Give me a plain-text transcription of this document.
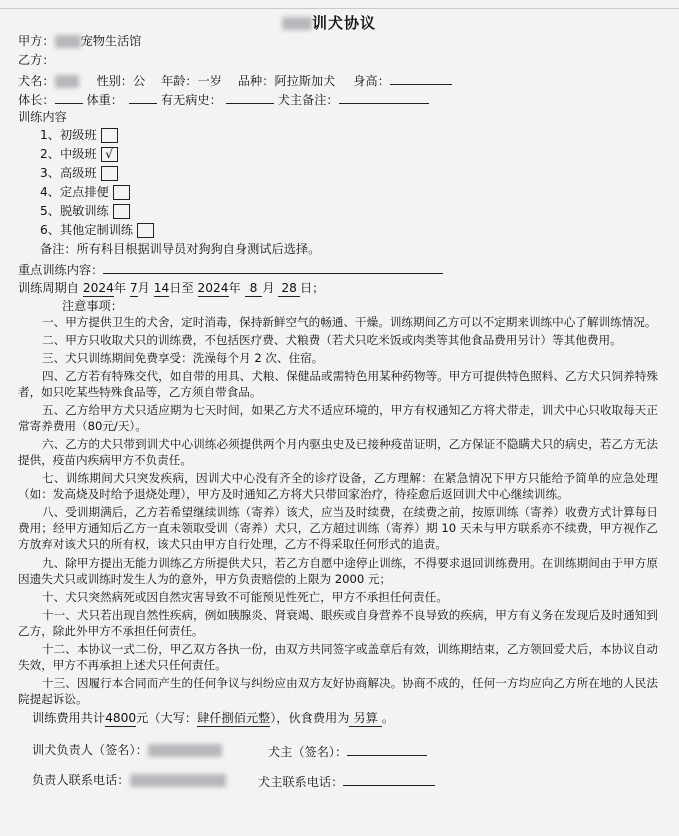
训犬协议
甲方： 宠物生活馆
乙方：
犬名：	性别：公 年龄：一岁 品种：阿拉斯加犬 身高：
体长：	体重：	有无病史：	犬主备注：
训练内容
1、初级班
2、中级班 √
3、高级班
4、定点排便
5、脱敏训练
6、其他定制训练
备注：所有科目根据训导员对狗狗自身测试后选择。
重点训练内容：
训练周期自 2024年 7月 14日至 2024年 8 月 28 日；
注意事项：
一、甲方提供卫生的犬舍，定时消毒，保持新鲜空气的畅通、干燥。训练期间乙方可以不定期来训练中心了解训练情况。
二、甲方只收取犬只的训练费，不包括医疗费、犬粮费（若犬只吃米饭或肉类等其他食品费用另计）等其他费用。
三、犬只训练期间免费享受：洗澡每个月 2 次、住宿。
四、乙方若有特殊交代，如自带的用具、犬粮、保健品或需特色用某种药物等。甲方可提供特色照料、乙方犬只饲养特殊者，如只吃某些特殊食品等，乙方须自带食品。
五、乙方给甲方犬只适应期为七天时间，如果乙方犬不适应环境的，甲方有权通知乙方将犬带走，训犬中心只收取每天正常寄养费用（80元/天）。
六、乙方的犬只带到训犬中心训练必须提供两个月内驱虫史及已接种疫苗证明，乙方保证不隐瞒犬只的病史，若乙方无法提供，疫苗内疾病甲方不负责任。
七、训练期间犬只突发疾病，因训犬中心没有齐全的诊疗设备，乙方理解：在紧急情况下甲方只能给予简单的应急处理（如：发高烧及时给予退烧处理），甲方及时通知乙方将犬只带回家治疗，待痊愈后返回训犬中心继续训练。
八、受训期满后，乙方若希望继续训练（寄养）该犬，应当及时续费，在续费之前，按原训练（寄养）收费方式计算每日费用；经甲方通知后乙方一直未领取受训（寄养）犬只，乙方超过训练（寄养）期 10 天未与甲方联系亦不续费，甲方视作乙方放弃对该犬只的所有权，该犬只由甲方自行处理，乙方不得采取任何形式的追责。
九、除甲方提出无能力训练乙方所提供犬只，若乙方自愿中途停止训练，不得要求退回训练费用。在训练期间由于甲方原因遗失犬只或训练时发生人为的意外，甲方负责赔偿的上限为 2000 元；
十、犬只突然病死或因自然灾害导致不可能预见性死亡，甲方不承担任何责任。
十一、犬只若出现自然性疾病，例如胰腺炎、肾衰竭、眼疾或自身营养不良导致的疾病，甲方有义务在发现后及时通知到乙方，除此外甲方不承担任何责任。
十二、本协议一式二份，甲乙双方各执一份，由双方共同签字或盖章后有效，训练期结束，乙方领回爱犬后，本协议自动失效，甲方不再承担上述犬只任何责任。
十三、因履行本合同而产生的任何争议与纠纷应由双方友好协商解决。协商不成的，任何一方均应向乙方所在地的人民法院提起诉讼。
训练费用共计4800元（大写：肆仟捌佰元整），伙食费用为 另算 。
训犬负责人（签名）：	犬主（签名）：
负责人联系电话：	犬主联系电话：
